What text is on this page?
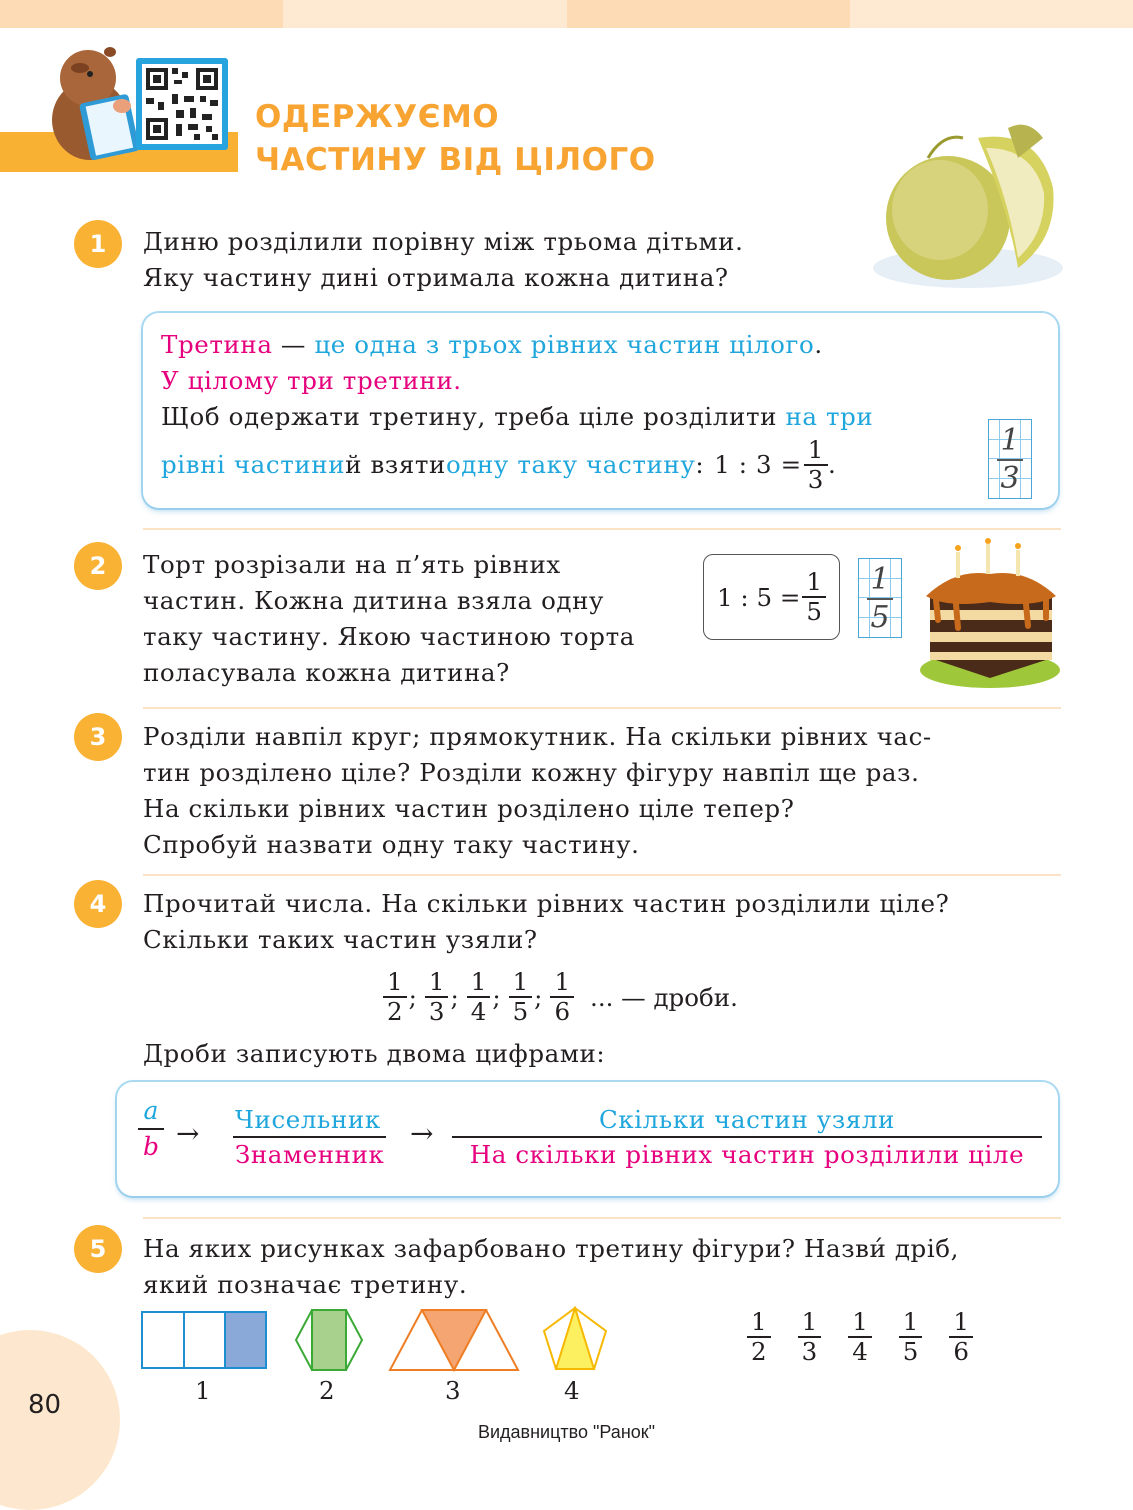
ОДЕРЖУЄМО
ЧАСТИНУ ВІД ЦІЛОГО
1	Диню розділили порівну між трьома дітьми.
Яку частину дині отримала кожна дитина?
Третина — це одна з трьох рівних частин цілого.
У цілому три третини.
Щоб одержати третину, треба ціле розділити на три
рівні частини й взяти одну таку частину : 1 : $3 = \frac{1}{3}$ .
1
3
2	Торт розрізали на п’ять рівних
частин. Кожна дитина взяла одну
таку частину. Якою частиною торта
поласувала кожна дитина?
1 : $5 = \frac{1}{5}$	1
5
3	Розділи навпіл круг; прямокутник. На скільки рівних час-
тин розділено ціле? Розділи кожну фігуру навпіл ще раз.
На скільки рівних частин розділено ціле тепер?
Спробуй назвати одну таку частину.
4	Прочитай числа. На скільки рівних частин розділили ціле?
Скільки таких частин узяли?
$\frac{1}{2}$ ; $\frac{1}{3}$ ; $\frac{1}{4}$ ; $\frac{1}{5}$ ; $\frac{1}{6}$ ... — дроби.
Дроби записують двома цифрами:
a
b → Чисельник
Знаменник
→	Скільки частин узяли
На скільки рівних частин розділили ціле
5	На яких рисунках зафарбовано третину фігури? Назви́ дріб,
який позначає третину.
1	2	3	4
$\frac{1}{2} \frac{1}{3} \frac{1}{4} \frac{1}{5} \frac{1}{6}$
80
Видавництво "Ранок"
